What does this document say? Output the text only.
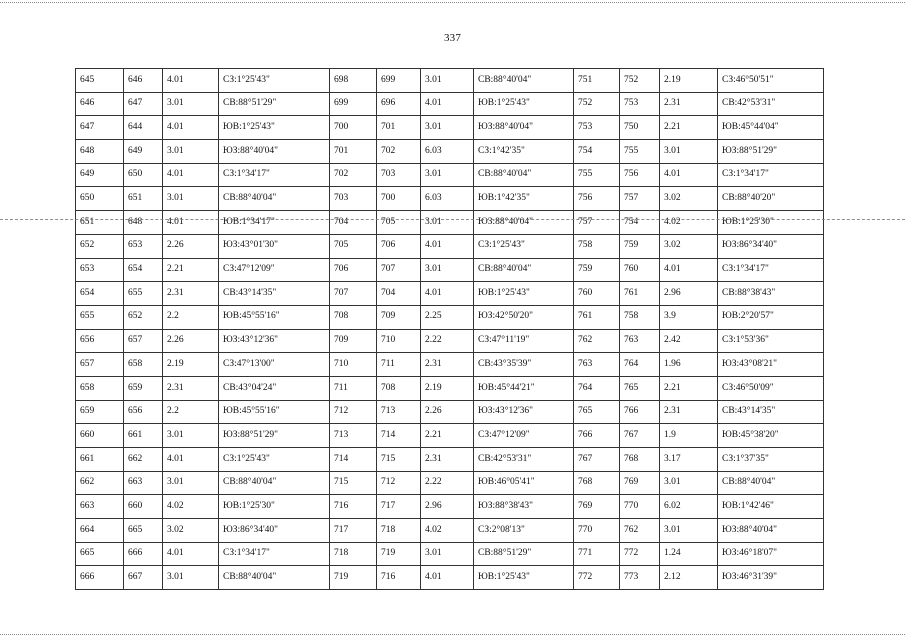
337
645	646	4.01	СЗ:1°25'43"	698	699	3.01	СВ:88°40'04"	751	752	2.19	СЗ:46°50'51"
646	647	3.01	СВ:88°51'29"	699	696	4.01	ЮВ:1°25'43"	752	753	2.31	СВ:42°53'31"
647	644	4.01	ЮВ:1°25'43"	700	701	3.01	ЮЗ:88°40'04"	753	750	2.21	ЮВ:45°44'04"
648	649	3.01	ЮЗ:88°40'04"	701	702	6.03	СЗ:1°42'35"	754	755	3.01	ЮЗ:88°51'29"
649	650	4.01	СЗ:1°34'17"	702	703	3.01	СВ:88°40'04"	755	756	4.01	СЗ:1°34'17"
650	651	3.01	СВ:88°40'04"	703	700	6.03	ЮВ:1°42'35"	756	757	3.02	СВ:88°40'20"
651	648	4.01	ЮВ:1°34'17"	704	705	3.01	ЮЗ:88°40'04"	757	754	4.02	ЮВ:1°25'30"
652	653	2.26	ЮЗ:43°01'30"	705	706	4.01	СЗ:1°25'43"	758	759	3.02	ЮЗ:86°34'40"
653	654	2.21	СЗ:47°12'09"	706	707	3.01	СВ:88°40'04"	759	760	4.01	СЗ:1°34'17"
654	655	2.31	СВ:43°14'35"	707	704	4.01	ЮВ:1°25'43"	760	761	2.96	СВ:88°38'43"
655	652	2.2	ЮВ:45°55'16"	708	709	2.25	ЮЗ:42°50'20"	761	758	3.9	ЮВ:2°20'57"
656	657	2.26	ЮЗ:43°12'36"	709	710	2.22	СЗ:47°11'19"	762	763	2.42	СЗ:1°53'36"
657	658	2.19	СЗ:47°13'00"	710	711	2.31	СВ:43°35'39"	763	764	1.96	ЮЗ:43°08'21"
658	659	2.31	СВ:43°04'24"	711	708	2.19	ЮВ:45°44'21"	764	765	2.21	СЗ:46°50'09"
659	656	2.2	ЮВ:45°55'16"	712	713	2.26	ЮЗ:43°12'36"	765	766	2.31	СВ:43°14'35"
660	661	3.01	ЮЗ:88°51'29"	713	714	2.21	СЗ:47°12'09"	766	767	1.9	ЮВ:45°38'20"
661	662	4.01	СЗ:1°25'43"	714	715	2.31	СВ:42°53'31"	767	768	3.17	СЗ:1°37'35"
662	663	3.01	СВ:88°40'04"	715	712	2.22	ЮВ:46°05'41"	768	769	3.01	СВ:88°40'04"
663	660	4.02	ЮВ:1°25'30"	716	717	2.96	ЮЗ:88°38'43"	769	770	6.02	ЮВ:1°42'46"
664	665	3.02	ЮЗ:86°34'40"	717	718	4.02	СЗ:2°08'13"	770	762	3.01	ЮЗ:88°40'04"
665	666	4.01	СЗ:1°34'17"	718	719	3.01	СВ:88°51'29"	771	772	1.24	ЮЗ:46°18'07"
666	667	3.01	СВ:88°40'04"	719	716	4.01	ЮВ:1°25'43"	772	773	2.12	ЮЗ:46°31'39"
